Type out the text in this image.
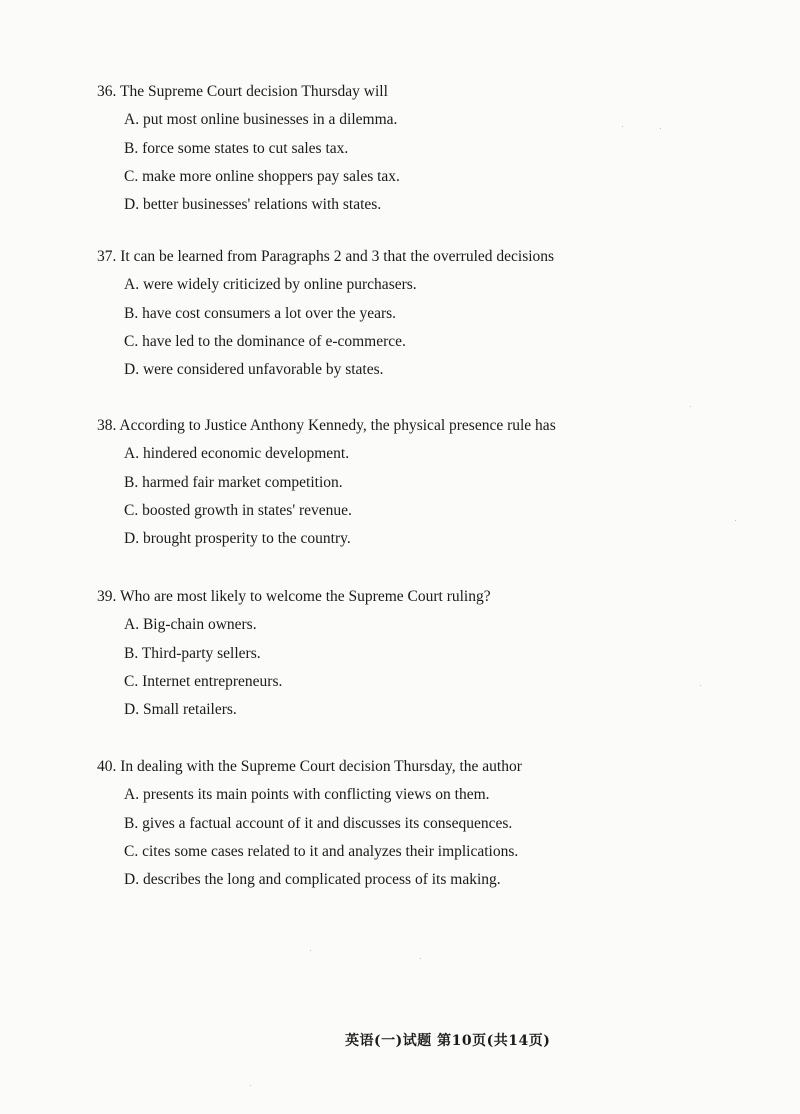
36. The Supreme Court decision Thursday will
A. put most online businesses in a dilemma.
B. force some states to cut sales tax.
C. make more online shoppers pay sales tax.
D. better businesses' relations with states.
37. It can be learned from Paragraphs 2 and 3 that the overruled decisions
A. were widely criticized by online purchasers.
B. have cost consumers a lot over the years.
C. have led to the dominance of e-commerce.
D. were considered unfavorable by states.
38. According to Justice Anthony Kennedy, the physical presence rule has
A. hindered economic development.
B. harmed fair market competition.
C. boosted growth in states' revenue.
D. brought prosperity to the country.
39. Who are most likely to welcome the Supreme Court ruling?
A. Big-chain owners.
B. Third-party sellers.
C. Internet entrepreneurs.
D. Small retailers.
40. In dealing with the Supreme Court decision Thursday, the author
A. presents its main points with conflicting views on them.
B. gives a factual account of it and discusses its consequences.
C. cites some cases related to it and analyzes their implications.
D. describes the long and complicated process of its making.
英语(一)试题 第10页(共14页)
